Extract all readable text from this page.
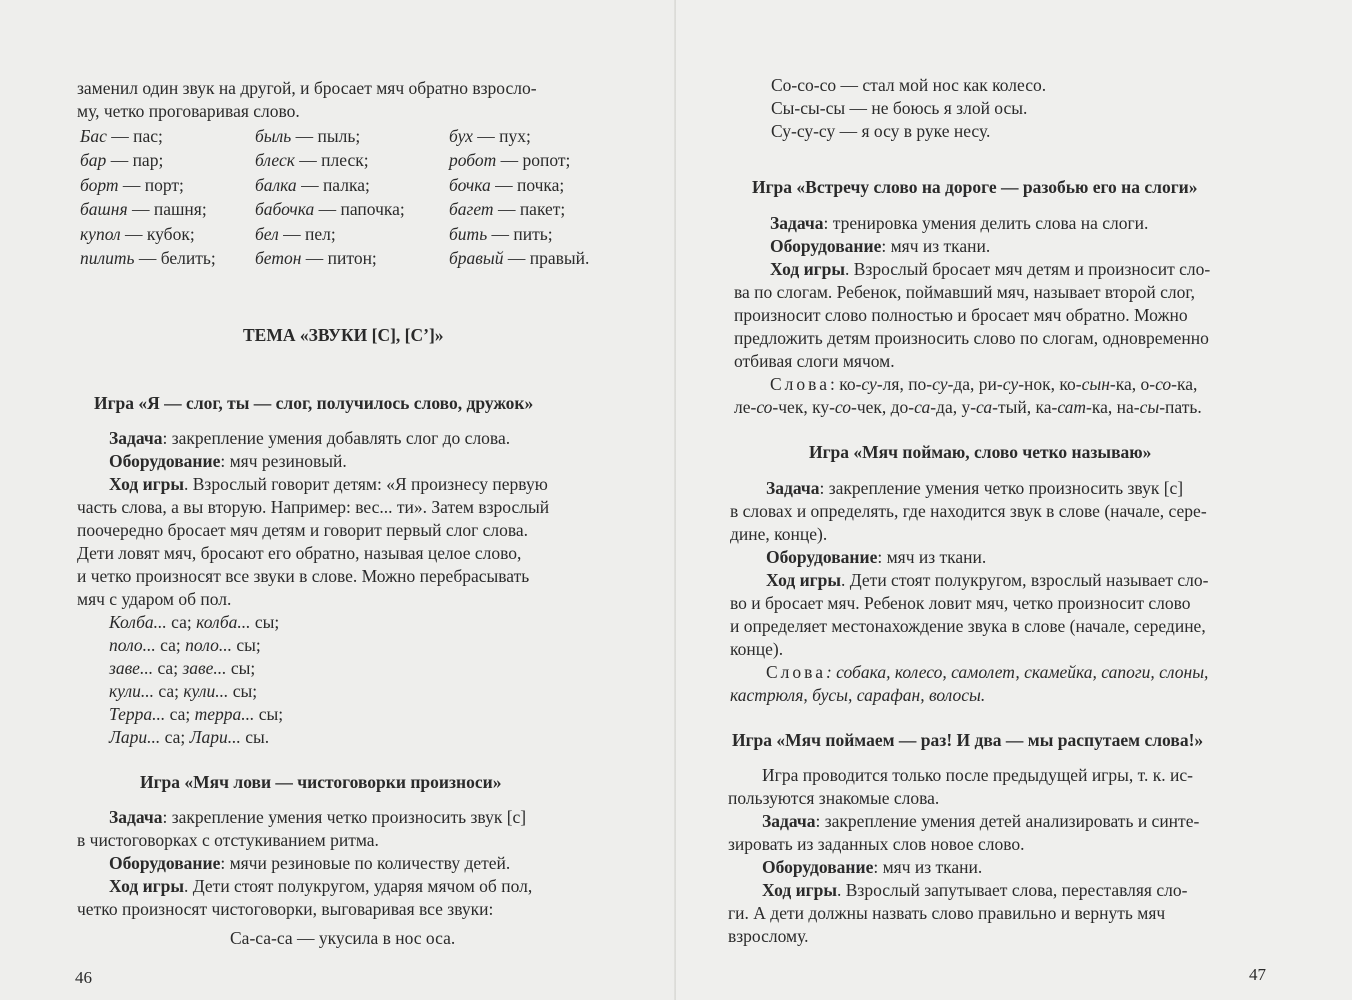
заменил один звук на другой, и бросает мяч обратно взросло-

му, четко проговаривая слово.

Бас — пас;
бар — пар;
борт — порт;
башня — пашня;
купол — кубок;
пилить — белить;
быль — пыль;
блеск — плеск;
балка — палка;
бабочка — папочка;
бел — пел;
бетон — питон;
бух — пух;
робот — ропот;
бочка — почка;
багет — пакет;
бить — пить;
бравый — правый.

ТЕМА «ЗВУКИ [С], [С’]»

Игра «Я — слог, ты — слог, получилось слово, дружок»

Задача: закрепление умения добавлять слог до слова.

Оборудование: мяч резиновый.

Ход игры. Взрослый говорит детям: «Я произнесу первую

часть слова, а вы вторую. Например: вес... ти». Затем взрослый

поочередно бросает мяч детям и говорит первый слог слова.

Дети ловят мяч, бросают его обратно, называя целое слово,

и четко произносят все звуки в слове. Можно перебрасывать

мяч с ударом об пол.

Колба... са; колба... сы;

поло... са; поло... сы;

заве... са; заве... сы;

кули... са; кули... сы;

Терра... са; терра... сы;

Лари... са; Лари... сы.

Игра «Мяч лови — чистоговорки произноси»

Задача: закрепление умения четко произносить звук [с]

в чистоговорках с отстукиванием ритма.

Оборудование: мячи резиновые по количеству детей.

Ход игры. Дети стоят полукругом, ударяя мячом об пол,

четко произносят чистоговорки, выговаривая все звуки:

Са-са-са — укусила в нос оса.

46

Со-со-со — стал мой нос как колесо.

Сы-сы-сы — не боюсь я злой осы.

Су-су-су — я осу в руке несу.

Игра «Встречу слово на дороге — разобью его на слоги»

Задача: тренировка умения делить слова на слоги.

Оборудование: мяч из ткани.

Ход игры. Взрослый бросает мяч детям и произносит сло-

ва по слогам. Ребенок, поймавший мяч, называет второй слог,

произносит слово полностью и бросает мяч обратно. Можно

предложить детям произносить слово по слогам, одновременно

отбивая слоги мячом.

Слова: ко-су-ля, по-су-да, ри-су-нок, ко-сын-ка, о-со-ка,

ле-со-чек, ку-со-чек, до-са-да, у-са-тый, ка-сат-ка, на-сы-пать.

Игра «Мяч поймаю, слово четко называю»

Задача: закрепление умения четко произносить звук [с]

в словах и определять, где находится звук в слове (начале, сере-

дине, конце).

Оборудование: мяч из ткани.

Ход игры. Дети стоят полукругом, взрослый называет сло-

во и бросает мяч. Ребенок ловит мяч, четко произносит слово

и определяет местонахождение звука в слове (начале, середине,

конце).

Слова: собака, колесо, самолет, скамейка, сапоги, слоны,

кастрюля, бусы, сарафан, волосы.

Игра «Мяч поймаем — раз! И два — мы распутаем слова!»

Игра проводится только после предыдущей игры, т. к. ис-

пользуются знакомые слова.

Задача: закрепление умения детей анализировать и синте-

зировать из заданных слов новое слово.

Оборудование: мяч из ткани.

Ход игры. Взрослый запутывает слова, переставляя сло-

ги. А дети должны назвать слово правильно и вернуть мяч

взрослому.

47
